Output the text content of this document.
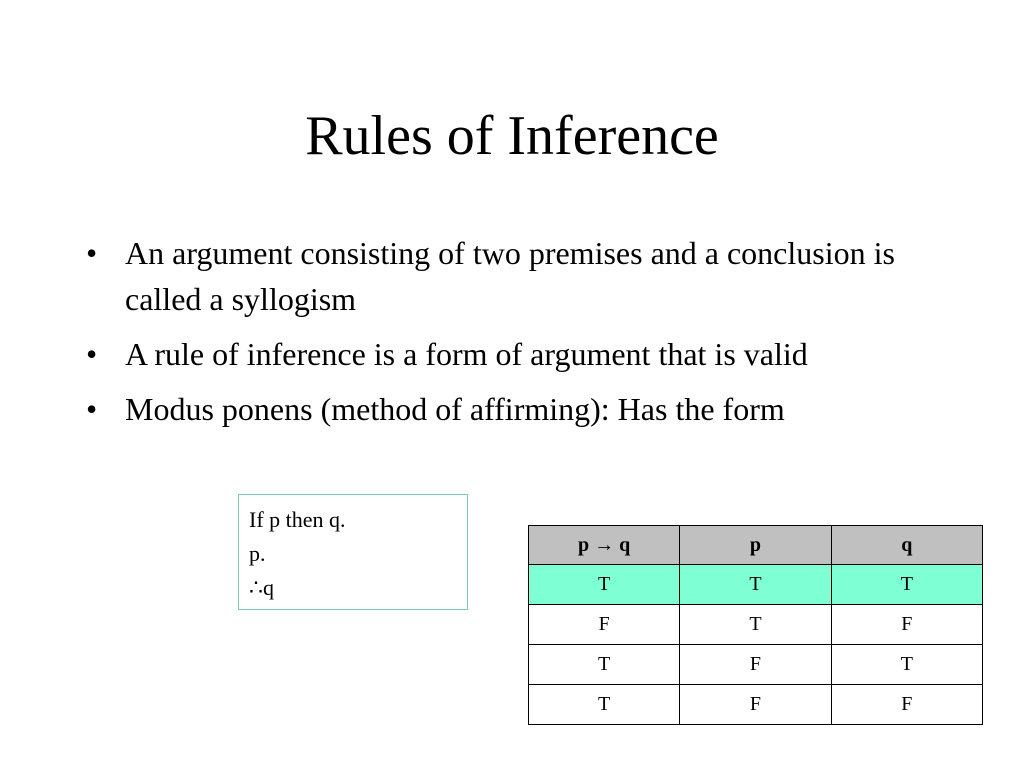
Rules of Inference
• An argument consisting of two premises and a conclusion is called a syllogism
• A rule of inference is a form of argument that is valid
• Modus ponens (method of affirming): Has the form
If p then q.
p.
∴q
p → q	p	q
T	T	T
F	T	F
T	F	T
T	F	F
